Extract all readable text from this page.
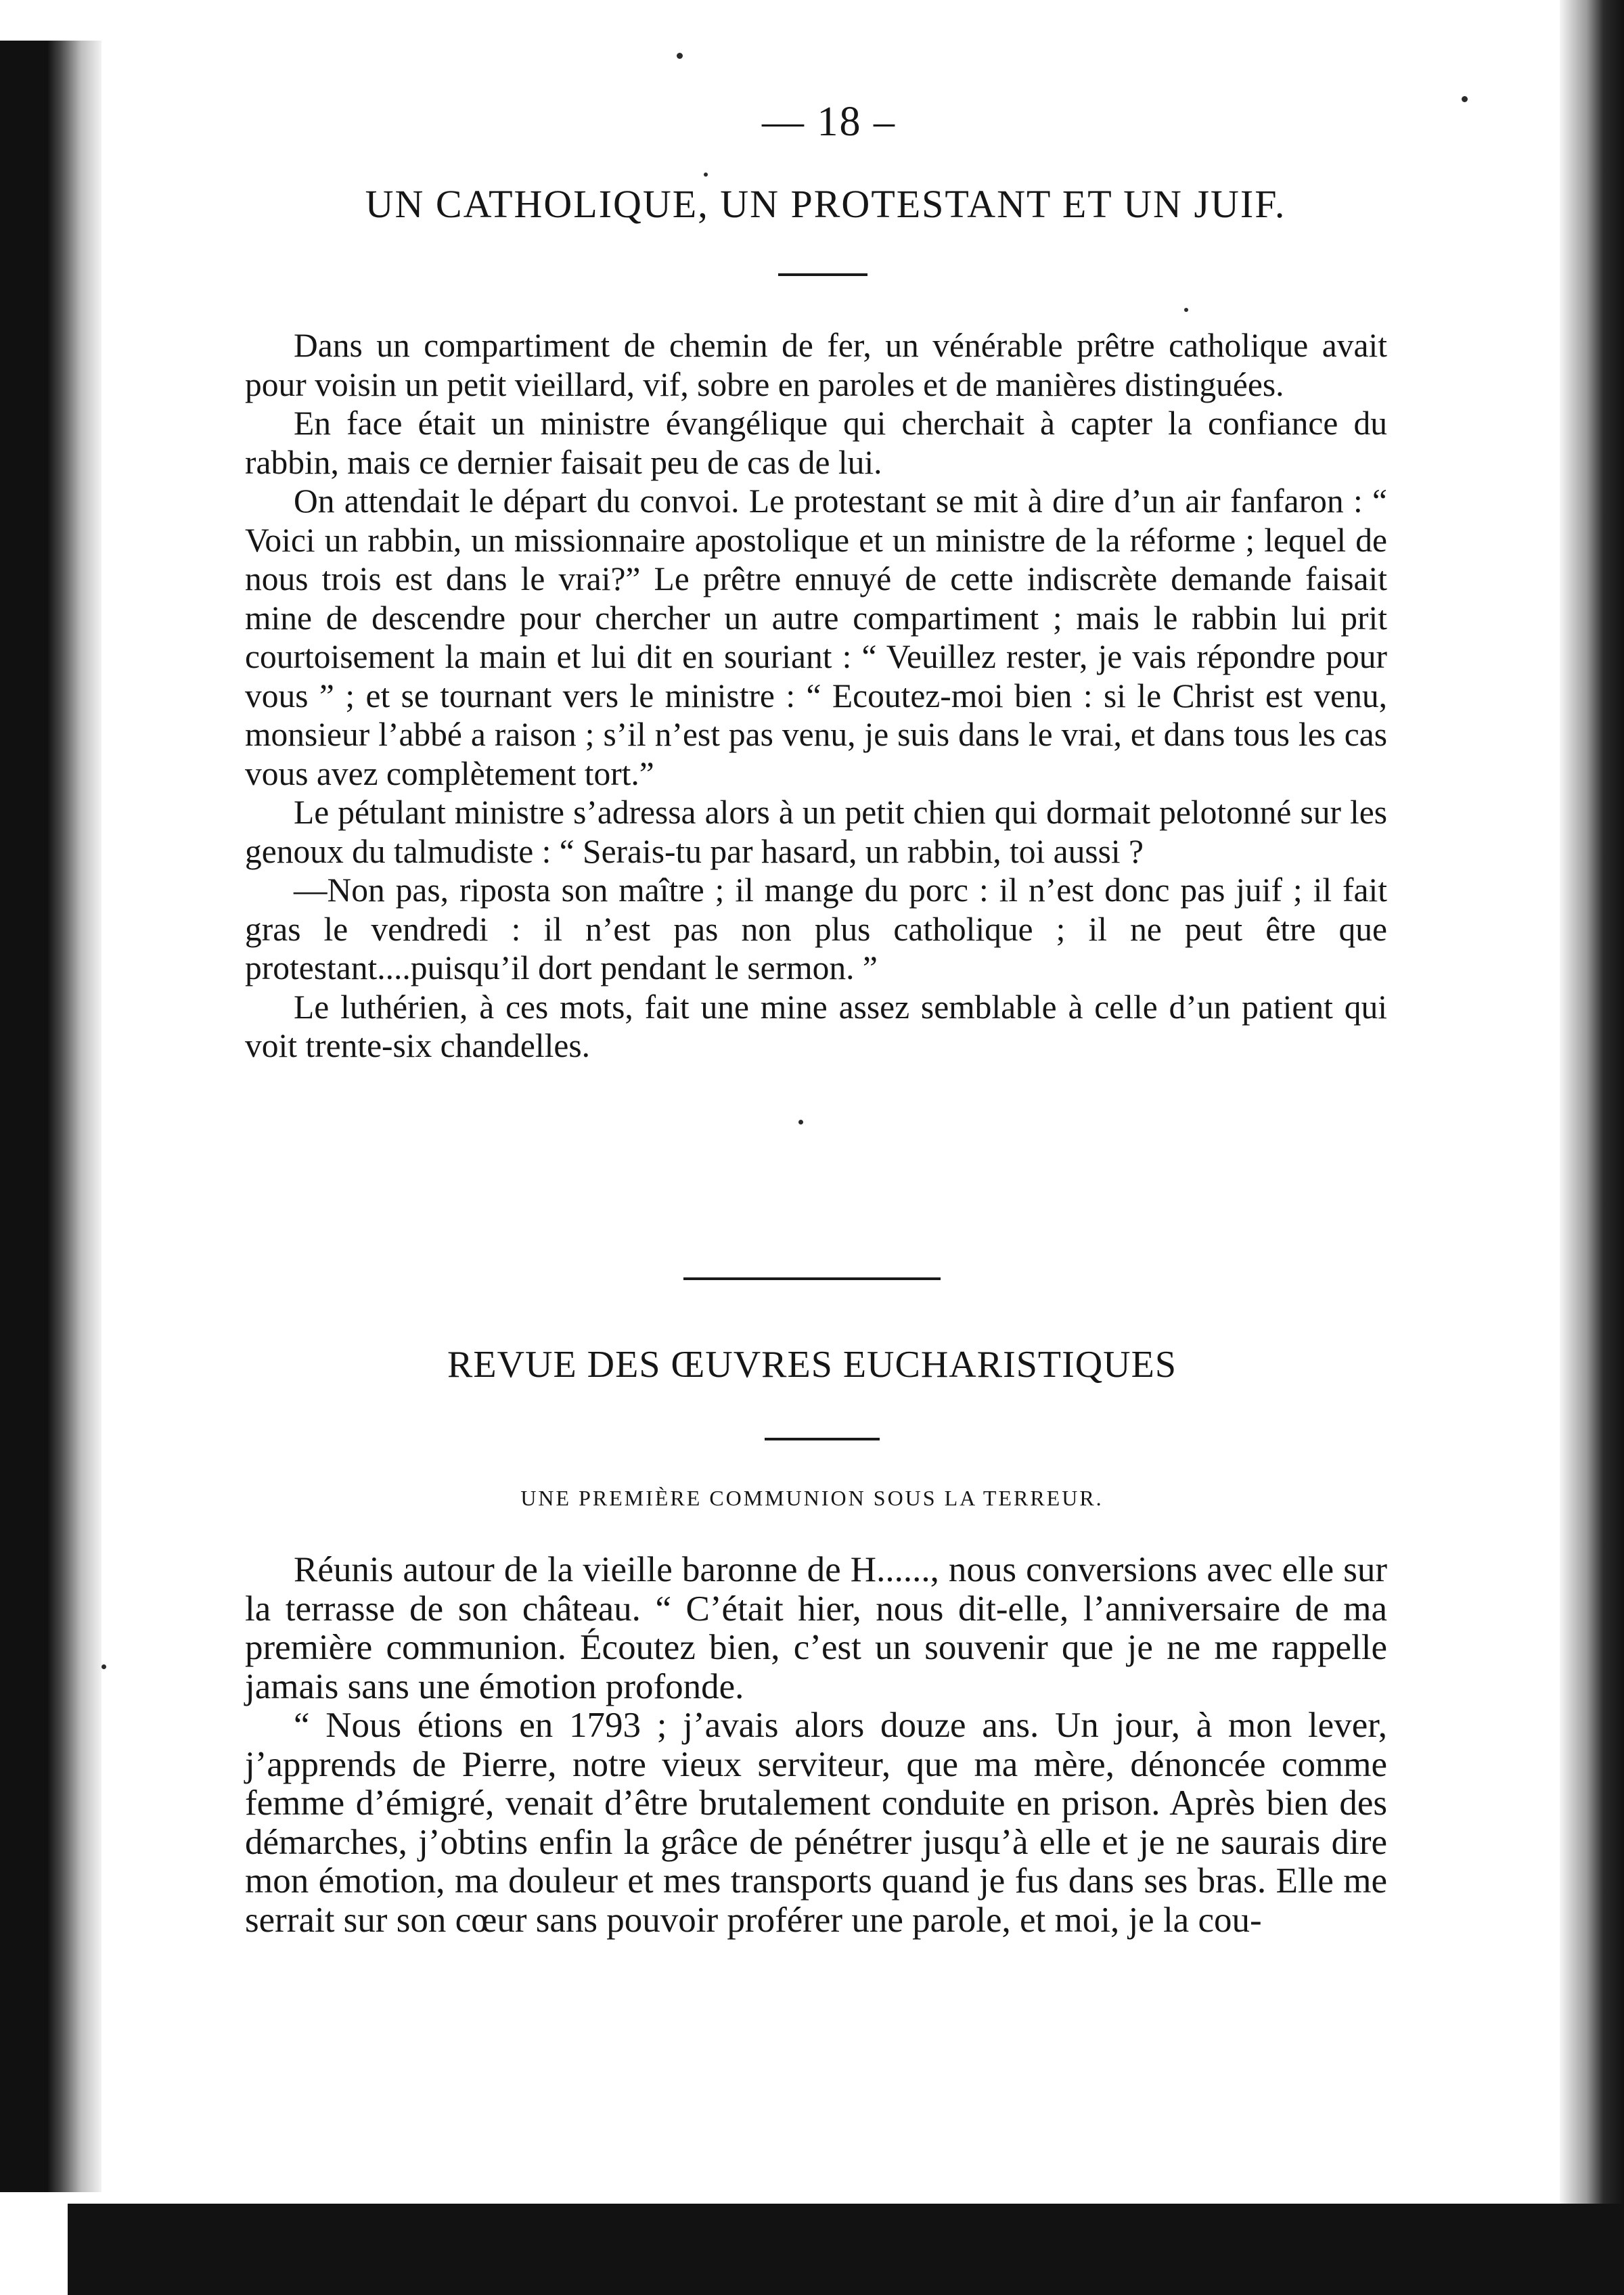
— 18 –
UN CATHOLIQUE, UN PROTESTANT ET UN JUIF.

Dans un compartiment de chemin de fer, un vénérable prêtre catholique avait pour voisin un petit vieillard, vif, sobre en paroles et de manières distinguées.

En face était un ministre évangélique qui cherchait à capter la confiance du rabbin, mais ce dernier faisait peu de cas de lui.

On attendait le départ du convoi. Le protestant se mit à dire d’un air fanfaron : “ Voici un rabbin, un missionnaire apostolique et un ministre de la réforme ; lequel de nous trois est dans le vrai?” Le prêtre ennuyé de cette indiscrète demande faisait mine de descendre pour chercher un autre compartiment ; mais le rabbin lui prit courtoisement la main et lui dit en souriant : “ Veuillez rester, je vais répondre pour vous ” ; et se tournant vers le ministre : “ Ecoutez-moi bien : si le Christ est venu, monsieur l’abbé a raison ; s’il n’est pas venu, je suis dans le vrai, et dans tous les cas vous avez complètement tort.”

Le pétulant ministre s’adressa alors à un petit chien qui dormait pelotonné sur les genoux du talmudiste : “ Serais-tu par hasard, un rabbin, toi aussi ?

—Non pas, riposta son maître ; il mange du porc : il n’est donc pas juif ; il fait gras le vendredi : il n’est pas non plus catholique ; il ne peut être que protestant....puisqu’il dort pendant le sermon. ”

Le luthérien, à ces mots, fait une mine assez semblable à celle d’un patient qui voit trente-six chandelles.

REVUE DES ŒUVRES EUCHARISTIQUES
UNE PREMIÈRE COMMUNION SOUS LA TERREUR.

Réunis autour de la vieille baronne de H......, nous conversions avec elle sur la terrasse de son château. “ C’était hier, nous dit-elle, l’anniversaire de ma première communion. Écoutez bien, c’est un souvenir que je ne me rappelle jamais sans une émotion profonde.

“ Nous étions en 1793 ; j’avais alors douze ans. Un jour, à mon lever, j’apprends de Pierre, notre vieux serviteur, que ma mère, dénoncée comme femme d’émigré, venait d’être brutalement conduite en prison. Après bien des démarches, j’obtins enfin la grâce de pénétrer jusqu’à elle et je ne saurais dire mon émotion, ma douleur et mes transports quand je fus dans ses bras. Elle me serrait sur son cœur sans pouvoir proférer une parole, et moi, je la cou-
